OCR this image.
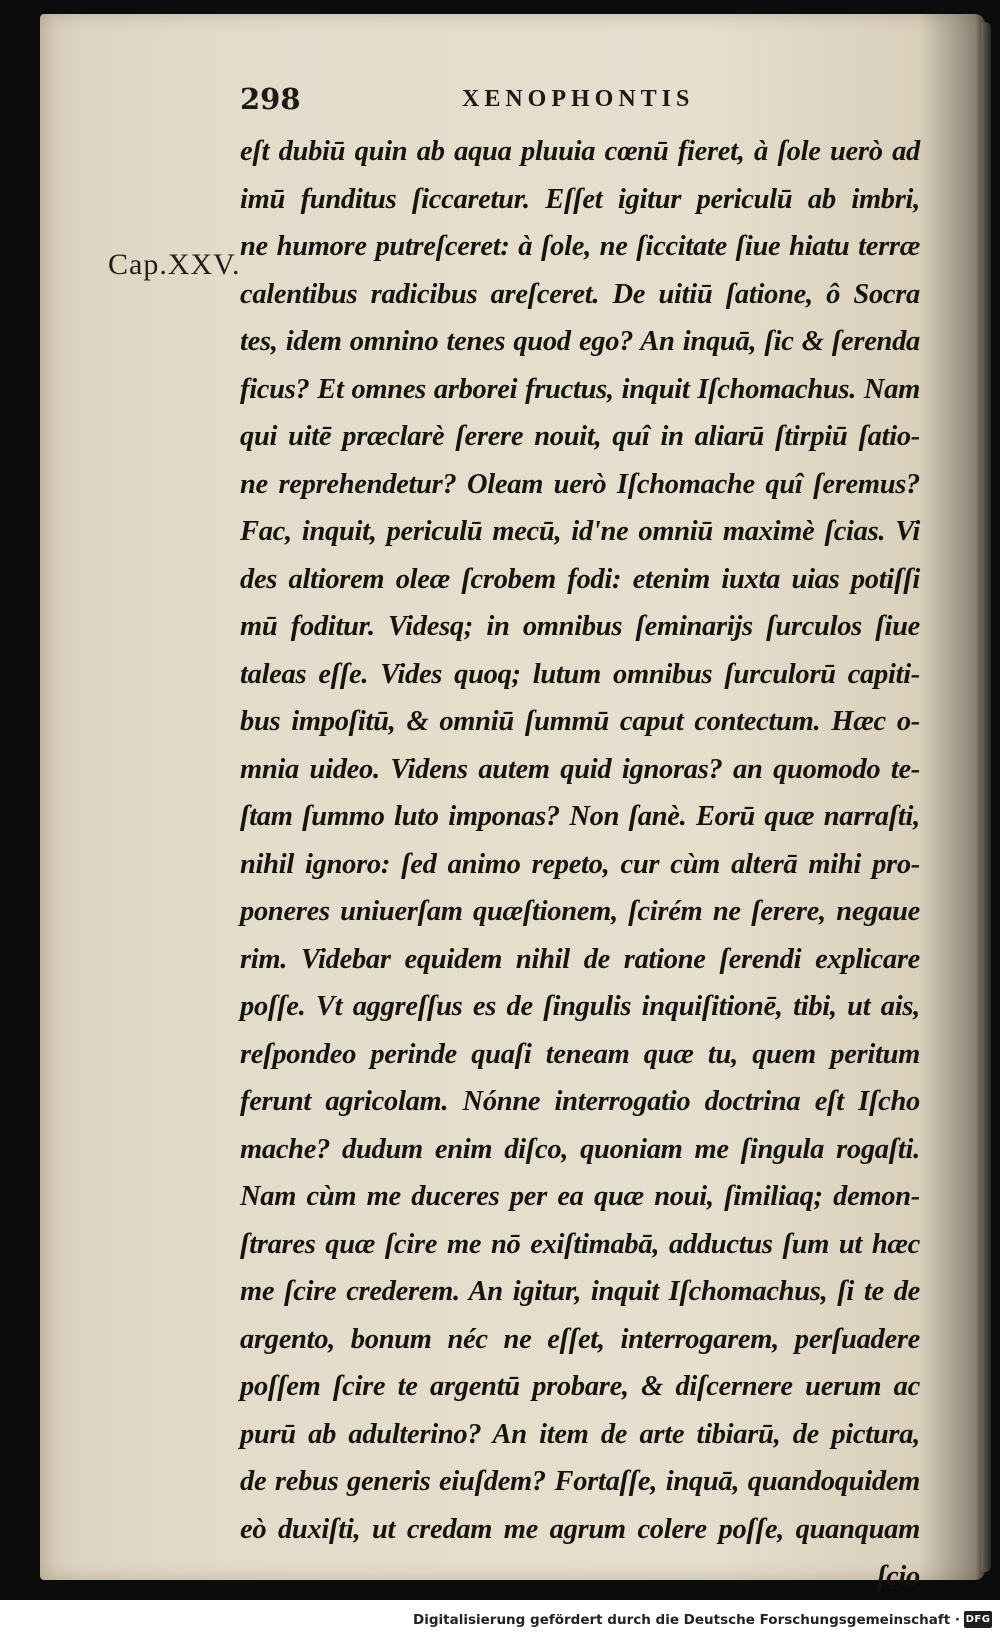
298	XENOPHONTIS
Cap.XXV.
eſt dubiū quin ab aqua pluuia cœnū fieret, à ſole uerò ad
imū funditus ſiccaretur. Eſſet igitur periculū ab imbri,
ne humore putreſceret: à ſole, ne ſiccitate ſiue hiatu terræ
calentibus radicibus areſceret. De uitiū ſatione, ô Socra
tes, idem omnino tenes quod ego? An inquā, ſic & ſerenda
ficus? Et omnes arborei fructus, inquit Iſchomachus. Nam
qui uitē præclarè ſerere nouit, quî in aliarū ſtirpiū ſatio-
ne reprehendetur? Oleam uerò Iſchomache quî ſeremus?
Fac, inquit, periculū mecū, id'ne omniū maximè ſcias. Vi
des altiorem oleæ ſcrobem fodi: etenim iuxta uias potiſſi
mū foditur. Videsq; in omnibus ſeminarijs ſurculos ſiue
taleas eſſe. Vides quoq; lutum omnibus ſurculorū capiti-
bus impoſitū, & omniū ſummū caput contectum. Hæc o-
mnia uideo. Videns autem quid ignoras? an quomodo te-
ſtam ſummo luto imponas? Non ſanè. Eorū quæ narraſti,
nihil ignoro: ſed animo repeto, cur cùm alterā mihi pro-
poneres uniuerſam quæſtionem, ſcirém ne ſerere, negaue
rim. Videbar equidem nihil de ratione ſerendi explicare
poſſe. Vt aggreſſus es de ſingulis inquiſitionē, tibi, ut ais,
reſpondeo perinde quaſi teneam quæ tu, quem peritum
ferunt agricolam. Nónne interrogatio doctrina eſt Iſcho
mache? dudum enim diſco, quoniam me ſingula rogaſti.
Nam cùm me duceres per ea quæ noui, ſimiliaq; demon-
ſtrares quæ ſcire me nō exiſtimabā, adductus ſum ut hæc
me ſcire crederem. An igitur, inquit Iſchomachus, ſi te de
argento, bonum néc ne eſſet, interrogarem, perſuadere
poſſem ſcire te argentū probare, & diſcernere uerum ac
purū ab adulterino? An item de arte tibiarū, de pictura,
de rebus generis eiuſdem? Fortaſſe, inquā, quandoquidem
eò duxiſti, ut credam me agrum colere poſſe, quanquam
ſcio
Digitalisierung gefördert durch die Deutsche Forschungsgemeinschaft · DFG
